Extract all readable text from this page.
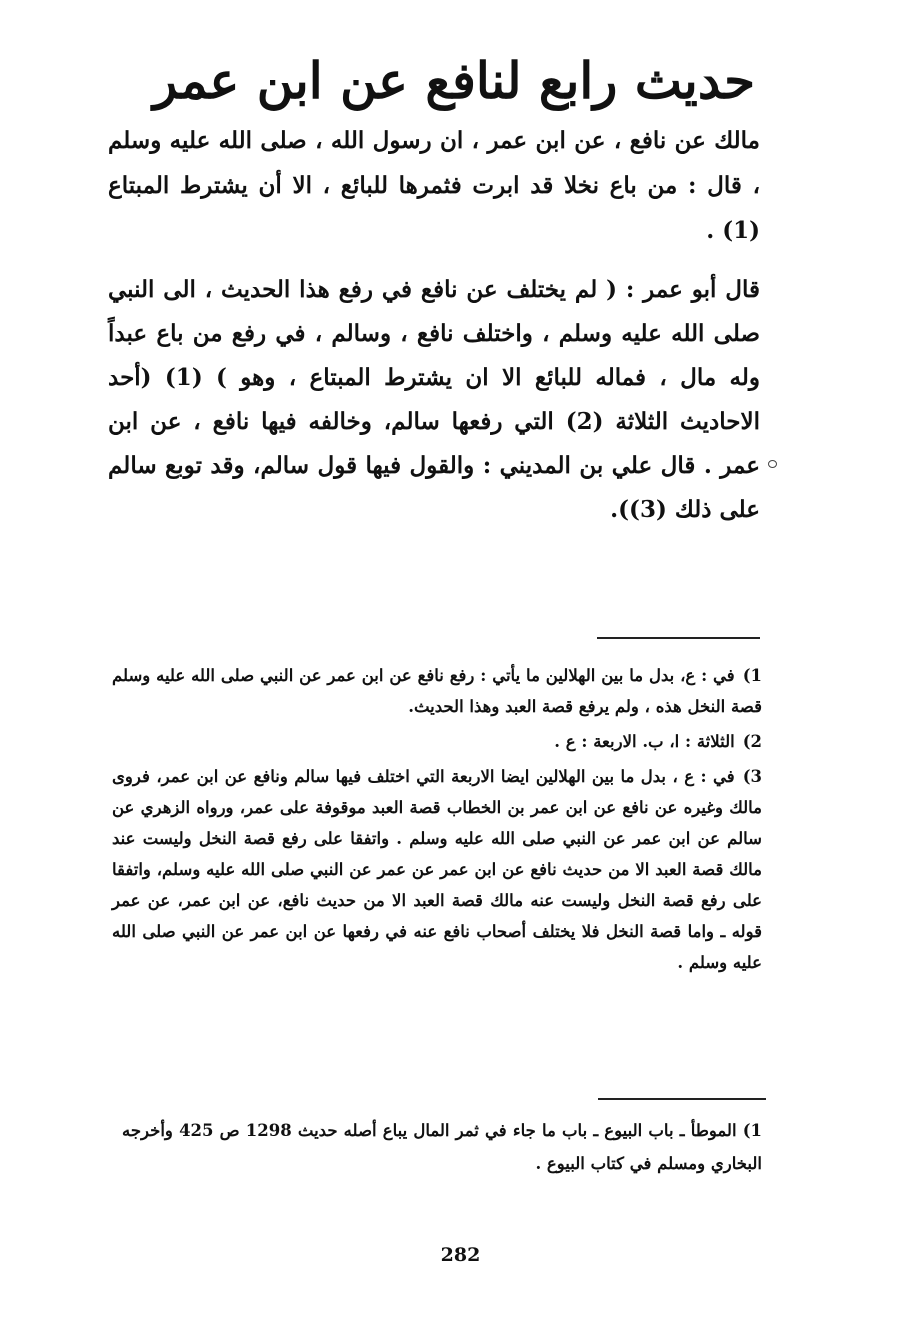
حديث رابع لنافع عن ابن عمر

مالك عن نافع ، عن ابن عمر ، ان رسول الله ، صلى الله عليه وسلم ، قال : من باع نخلا قد ابرت فثمرها للبائع ، الا أن يشترط المبتاع (1) .

قال أبو عمر : ( لم يختلف عن نافع في رفع هذا الحديث ، الى النبي صلى الله عليه وسلم ، واختلف نافع ، وسالم ، في رفع من باع عبداً وله مال ، فماله للبائع الا ان يشترط المبتاع ، وهو ) (1) (أحد الاحاديث الثلاثة (2) التي رفعها سالم، وخالفه فيها نافع ، عن ابن عمر . قال علي بن المديني : والقول فيها قول سالم، وقد توبع سالم على ذلك (3)).

1)في : ع، بدل ما بين الهلالين ما يأتي : رفع نافع عن ابن عمر عن النبي صلى الله عليه وسلم قصة النخل هذه ، ولم يرفع قصة العبد وهذا الحديث.

2)الثلاثة : ا، ب. الاربعة : ع .

3)في : ع ، بدل ما بين الهلالين ايضا الاربعة التي اختلف فيها سالم ونافع عن ابن عمر، فروى مالك وغيره عن نافع عن ابن عمر بن الخطاب قصة العبد موقوفة على عمر، ورواه الزهري عن سالم عن ابن عمر عن النبي صلى الله عليه وسلم . واتفقا على رفع قصة النخل وليست عند مالك قصة العبد الا من حديث نافع عن ابن عمر عن عمر عن النبي صلى الله عليه وسلم، واتفقا على رفع قصة النخل وليست عنه مالك قصة العبد الا من حديث نافع، عن ابن عمر، عن عمر قوله ـ واما قصة النخل فلا يختلف أصحاب نافع عنه في رفعها عن ابن عمر عن النبي صلى الله عليه وسلم .

1) الموطأ ـ باب البيوع ـ باب ما جاء في ثمر المال يباع أصله حديث 1298 ص 425 وأخرجه البخاري ومسلم في كتاب البيوع .

282
